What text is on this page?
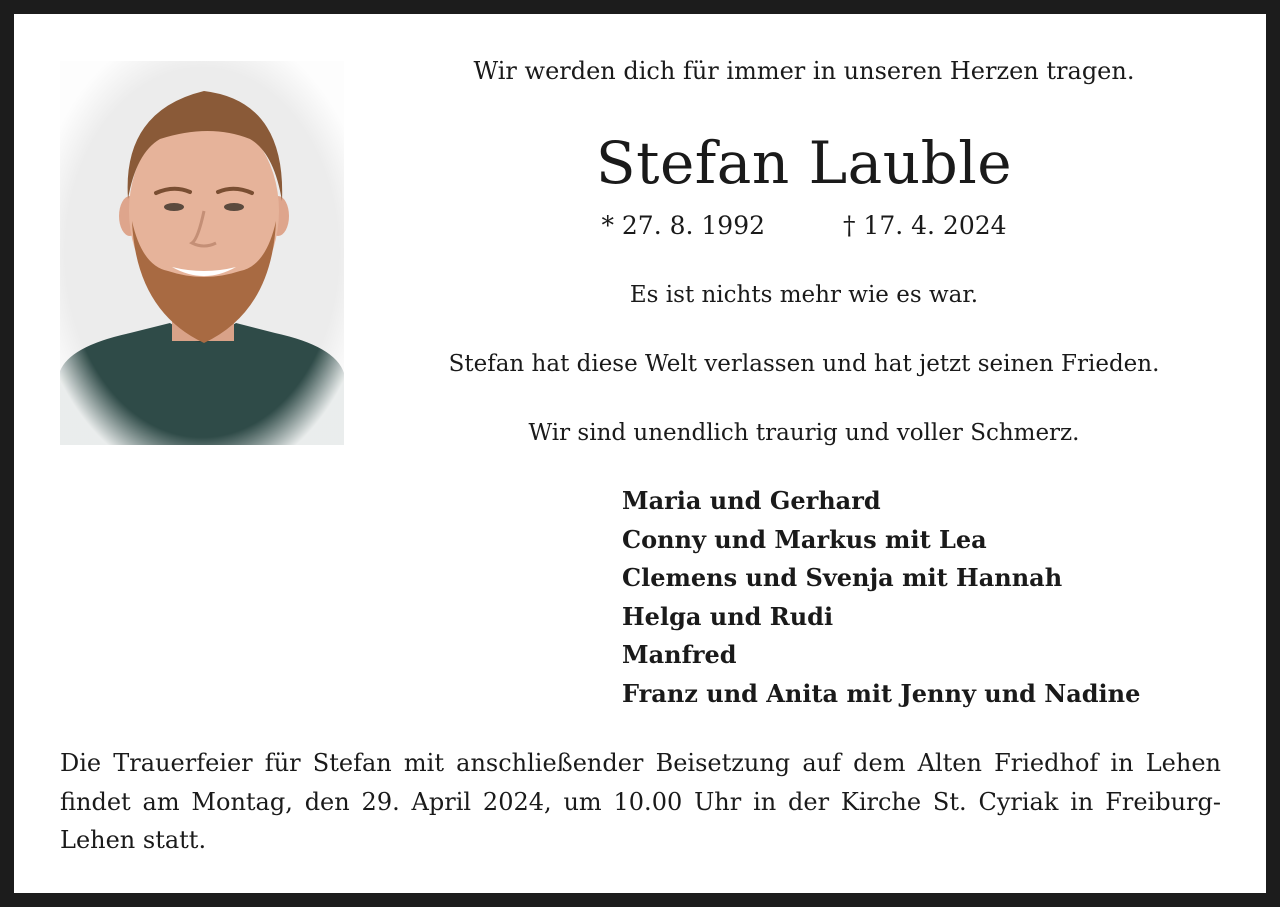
Wir werden dich für immer in unseren Herzen tragen.
Stefan Lauble
* 27. 8. 1992	† 17. 4. 2024
Es ist nichts mehr wie es war.
Stefan hat diese Welt verlassen und hat jetzt seinen Frieden.
Wir sind unendlich traurig und voller Schmerz.
Maria und Gerhard
Conny und Markus mit Lea
Clemens und Svenja mit Hannah
Helga und Rudi
Manfred
Franz und Anita mit Jenny und Nadine
Die Trauerfeier für Stefan mit anschließender Beisetzung auf dem Alten Friedhof in Lehen findet am Montag, den 29. April 2024, um 10.00 Uhr in der Kirche St. Cyriak in Freiburg-Lehen statt.
